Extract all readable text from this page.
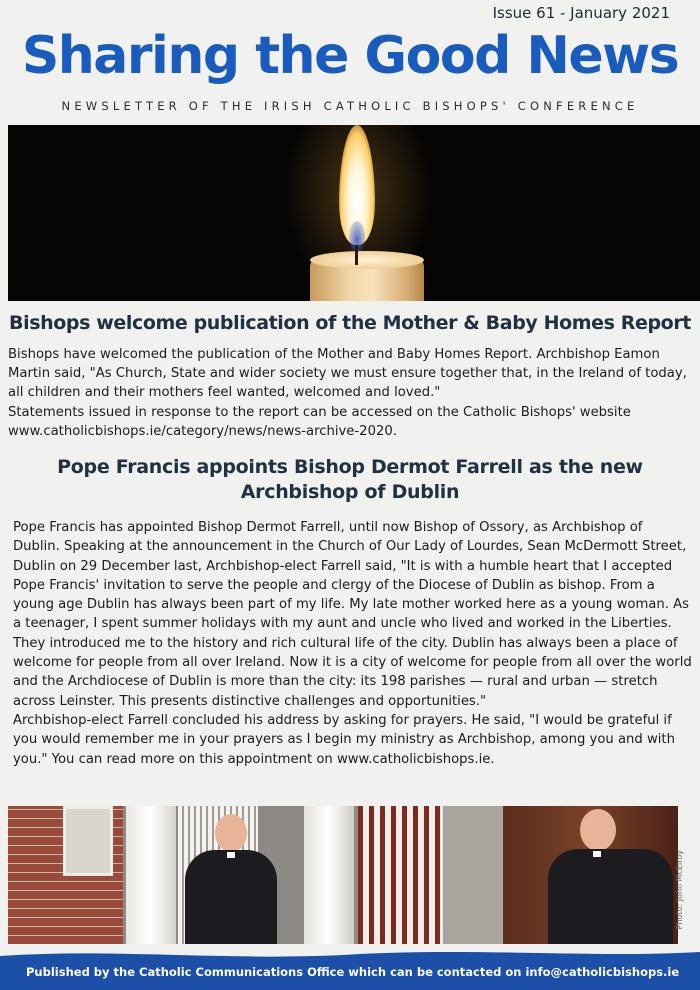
Issue 61 - January 2021
Sharing the Good News
NEWSLETTER OF THE IRISH CATHOLIC BISHOPS' CONFERENCE
Bishops welcome publication of the Mother & Baby Homes Report
Bishops have welcomed the publication of the Mother and Baby Homes Report. Archbishop Eamon Martin said, "As Church, State and wider society we must ensure together that, in the Ireland of today, all children and their mothers feel wanted, welcomed and loved."
Statements issued in response to the report can be accessed on the Catholic Bishops' website www.catholicbishops.ie/category/news/news-archive-2020.
Pope Francis appoints Bishop Dermot Farrell as the new Archbishop of Dublin
Pope Francis has appointed Bishop Dermot Farrell, until now Bishop of Ossory, as Archbishop of Dublin. Speaking at the announcement in the Church of Our Lady of Lourdes, Sean McDermott Street, Dublin on 29 December last, Archbishop-elect Farrell said, "It is with a humble heart that I accepted Pope Francis' invitation to serve the people and clergy of the Diocese of Dublin as bishop. From a young age Dublin has always been part of my life. My late mother worked here as a young woman. As a teenager, I spent summer holidays with my aunt and uncle who lived and worked in the Liberties. They introduced me to the history and rich cultural life of the city. Dublin has always been a place of welcome for people from all over Ireland. Now it is a city of welcome for people from all over the world and the Archdiocese of Dublin is more than the city: its 198 parishes — rural and urban — stretch across Leinster. This presents distinctive challenges and opportunities."
Archbishop-elect Farrell concluded his address by asking for prayers. He said, "I would be grateful if you would remember me in your prayers as I begin my ministry as Archbishop, among you and with you." You can read more on this appointment on www.catholicbishops.ie.
Photo: John McElroy
Published by the Catholic Communications Office which can be contacted on info@catholicbishops.ie
